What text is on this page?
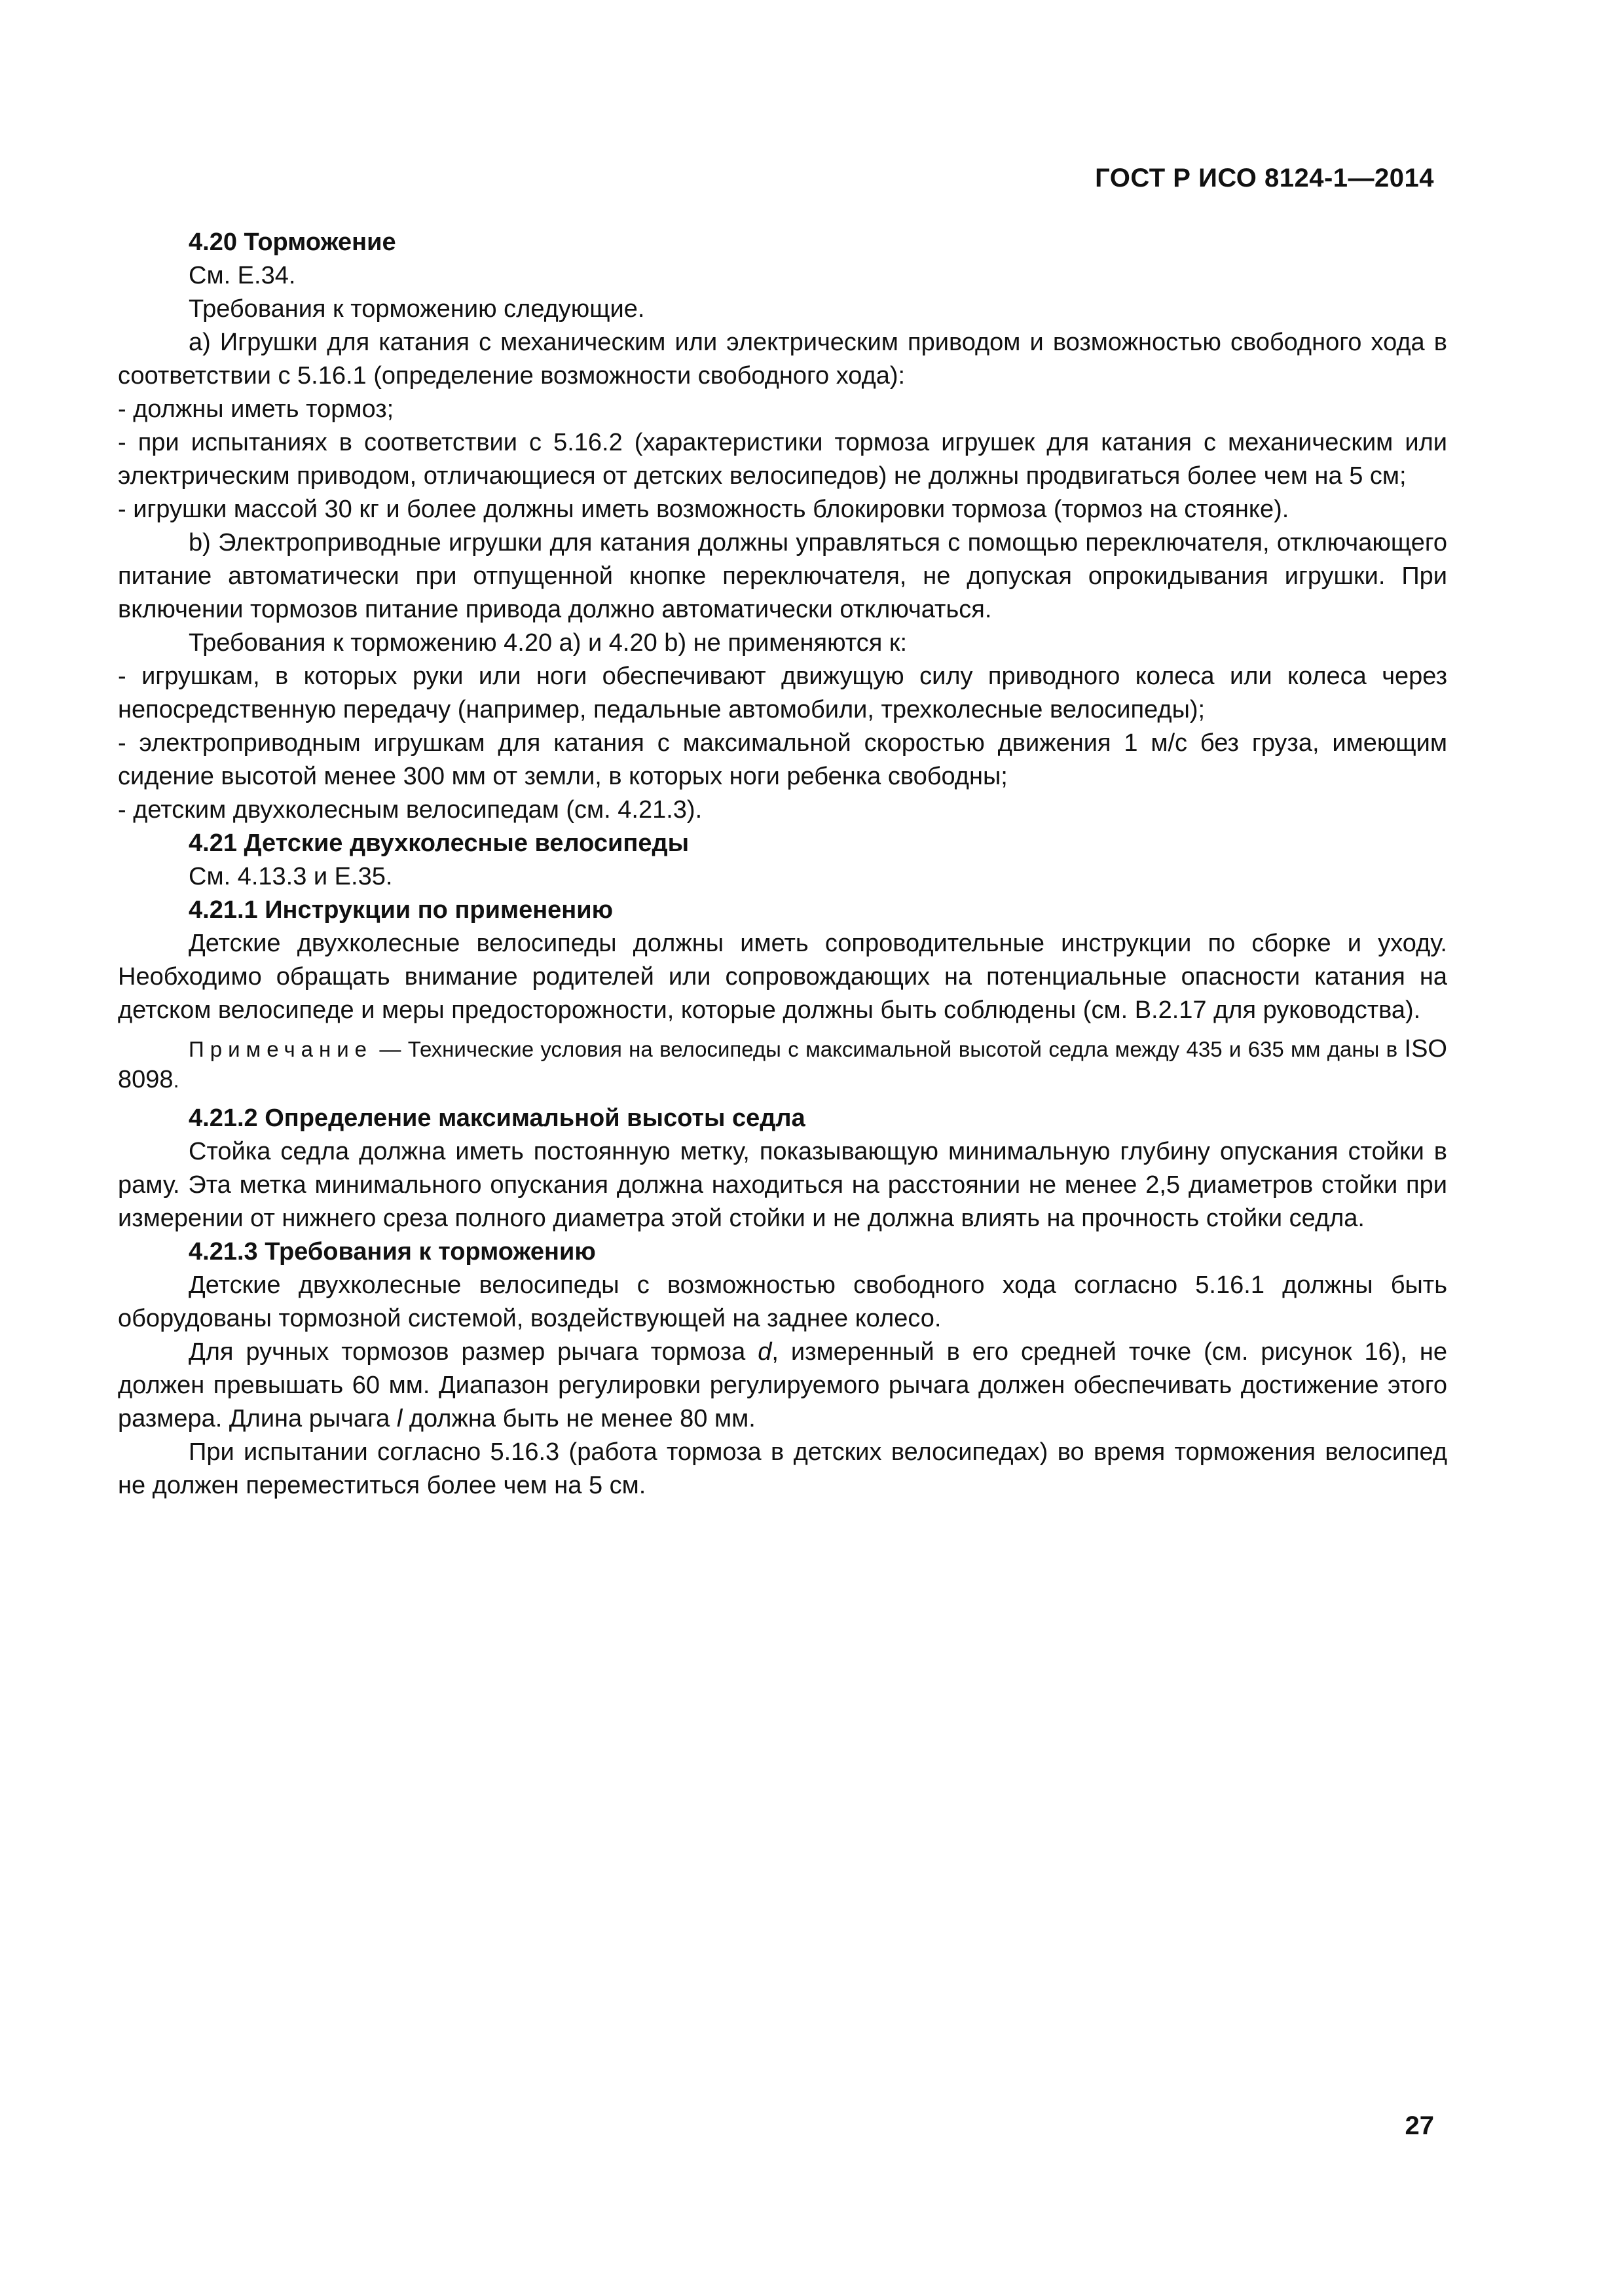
ГОСТ Р ИСО 8124-1—2014

4.20 Торможение

См. Е.34.

Требования к торможению следующие.

a) Игрушки для катания с механическим или электрическим приводом и возможностью свободного хода в соответствии с 5.16.1 (определение возможности свободного хода):

- должны иметь тормоз;

- при испытаниях в соответствии с 5.16.2 (характеристики тормоза игрушек для катания с механическим или электрическим приводом, отличающиеся от детских велосипедов) не должны продвигаться более чем на 5 см;

- игрушки массой 30 кг и более должны иметь возможность блокировки тормоза (тормоз на стоянке).

b) Электроприводные игрушки для катания должны управляться с помощью переключателя, отключающего питание автоматически при отпущенной кнопке переключателя, не допуская опрокидывания игрушки. При включении тормозов питание привода должно автоматически отключаться.

Требования к торможению 4.20 a) и 4.20 b) не применяются к:

- игрушкам, в которых руки или ноги обеспечивают движущую силу приводного колеса или колеса через непосредственную передачу (например, педальные автомобили, трехколесные велосипеды);

- электроприводным игрушкам для катания с максимальной скоростью движения 1 м/с без груза, имеющим сидение высотой менее 300 мм от земли, в которых ноги ребенка свободны;

- детским двухколесным велосипедам (см. 4.21.3).

4.21 Детские двухколесные велосипеды

См. 4.13.3 и Е.35.

4.21.1 Инструкции по применению

Детские двухколесные велосипеды должны иметь сопроводительные инструкции по сборке и уходу. Необходимо обращать внимание родителей или сопровождающих на потенциальные опасности катания на детском велосипеде и меры предосторожности, которые должны быть соблюдены (см. В.2.17 для руководства).

Примечание — Технические условия на велосипеды с максимальной высотой седла между 435 и 635 мм даны в ISO 8098.

4.21.2 Определение максимальной высоты седла

Стойка седла должна иметь постоянную метку, показывающую минимальную глубину опускания стойки в раму. Эта метка минимального опускания должна находиться на расстоянии не менее 2,5 диаметров стойки при измерении от нижнего среза полного диаметра этой стойки и не должна влиять на прочность стойки седла.

4.21.3 Требования к торможению

Детские двухколесные велосипеды с возможностью свободного хода согласно 5.16.1 должны быть оборудованы тормозной системой, воздействующей на заднее колесо.

Для ручных тормозов размер рычага тормоза d, измеренный в его средней точке (см. рисунок 16), не должен превышать 60 мм. Диапазон регулировки регулируемого рычага должен обеспечивать достижение этого размера. Длина рычага l должна быть не менее 80 мм.

При испытании согласно 5.16.3 (работа тормоза в детских велосипедах) во время торможения велосипед не должен переместиться более чем на 5 см.

27
